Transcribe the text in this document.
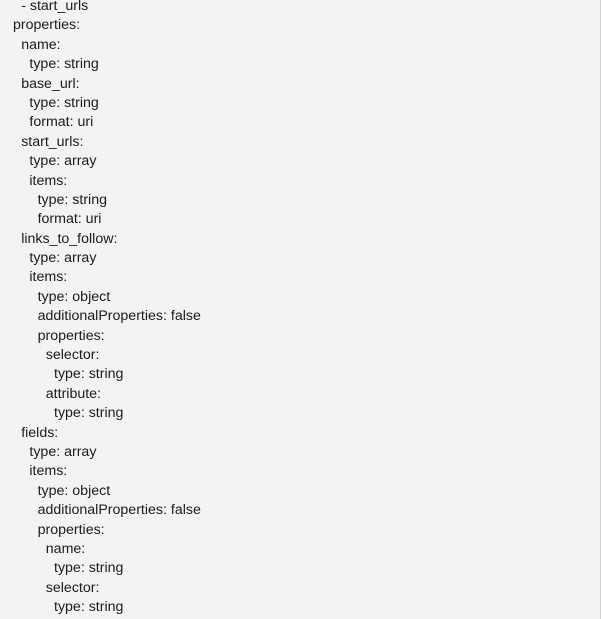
- start_urls
properties:
name:
type: string
base_url:
type: string
format: uri
start_urls:
type: array
items:
type: string
format: uri
links_to_follow:
type: array
items:
type: object
additionalProperties: false
properties:
selector:
type: string
attribute:
type: string
fields:
type: array
items:
type: object
additionalProperties: false
properties:
name:
type: string
selector:
type: string
